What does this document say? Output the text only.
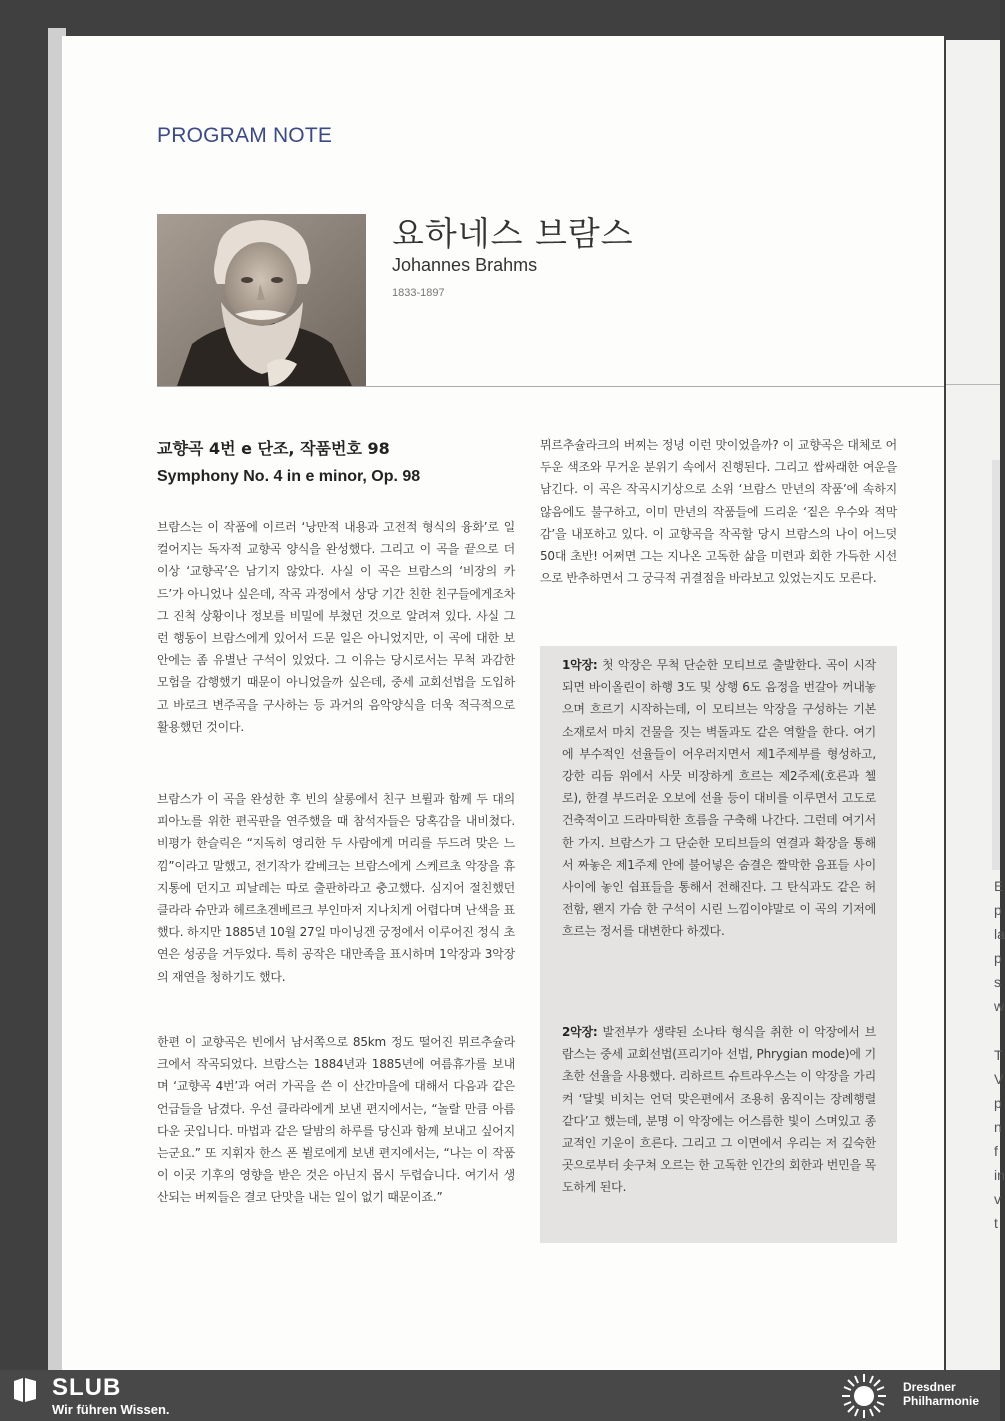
E
p
la
p
s
w
T
V
p
n
f
in
v
t
PROGRAM NOTE
요하네스 브람스
Johannes Brahms
1833-1897
교향곡 4번 e 단조, 작품번호 98
Symphony No. 4 in e minor, Op. 98

브람스는 이 작품에 이르러 ‘낭만적 내용과 고전적 형식의 융화’로 일컬어지는 독자적 교향곡 양식을 완성했다. 그리고 이 곡을 끝으로 더 이상 ‘교향곡’은 남기지 않았다. 사실 이 곡은 브람스의 ‘비장의 카드’가 아니었나 싶은데, 작곡 과정에서 상당 기간 친한 친구들에게조차 그 진척 상황이나 정보를 비밀에 부쳤던 것으로 알려져 있다. 사실 그런 행동이 브람스에게 있어서 드문 일은 아니었지만, 이 곡에 대한 보안에는 좀 유별난 구석이 있었다. 그 이유는 당시로서는 무척 과감한 모험을 감행했기 때문이 아니었을까 싶은데, 중세 교회선법을 도입하고 바로크 변주곡을 구사하는 등 과거의 음악양식을 더욱 적극적으로 활용했던 것이다.

브람스가 이 곡을 완성한 후 빈의 살롱에서 친구 브륄과 함께 두 대의 피아노를 위한 편곡판을 연주했을 때 참석자들은 당혹감을 내비쳤다. 비평가 한슬릭은 “지독히 영리한 두 사람에게 머리를 두드려 맞은 느낌”이라고 말했고, 전기작가 칼베크는 브람스에게 스케르초 악장을 휴지통에 던지고 피날레는 따로 출판하라고 충고했다. 심지어 절친했던 클라라 슈만과 헤르초겐베르크 부인마저 지나치게 어렵다며 난색을 표했다. 하지만 1885년 10월 27일 마이닝겐 궁정에서 이루어진 정식 초연은 성공을 거두었다. 특히 공작은 대만족을 표시하며 1악장과 3악장의 재연을 청하기도 했다.

한편 이 교향곡은 빈에서 남서쪽으로 85km 정도 떨어진 뮈르추슐라크에서 작곡되었다. 브람스는 1884년과 1885년에 여름휴가를 보내며 ‘교향곡 4번’과 여러 가곡을 쓴 이 산간마을에 대해서 다음과 같은 언급들을 남겼다. 우선 클라라에게 보낸 편지에서는, “놀랄 만큼 아름다운 곳입니다. 마법과 같은 달밤의 하루를 당신과 함께 보내고 싶어지는군요.” 또 지휘자 한스 폰 뷜로에게 보낸 편지에서는, “나는 이 작품이 이곳 기후의 영향을 받은 것은 아닌지 몹시 두렵습니다. 여기서 생산되는 버찌들은 결코 단맛을 내는 일이 없기 때문이죠.”

뮈르추슐라크의 버찌는 정녕 이런 맛이었을까? 이 교향곡은 대체로 어두운 색조와 무거운 분위기 속에서 진행된다. 그리고 쌉싸래한 여운을 남긴다. 이 곡은 작곡시기상으로 소위 ‘브람스 만년의 작품’에 속하지 않음에도 불구하고, 이미 만년의 작품들에 드리운 ‘짙은 우수와 적막감’을 내포하고 있다. 이 교향곡을 작곡할 당시 브람스의 나이 어느덧 50대 초반! 어쩌면 그는 지나온 고독한 삶을 미련과 회한 가득한 시선으로 반추하면서 그 궁극적 귀결점을 바라보고 있었는지도 모른다.

1악장: 첫 악장은 무척 단순한 모티브로 출발한다. 곡이 시작되면 바이올린이 하행 3도 및 상행 6도 음정을 번갈아 꺼내놓으며 흐르기 시작하는데, 이 모티브는 악장을 구성하는 기본 소재로서 마치 건물을 짓는 벽돌과도 같은 역할을 한다. 여기에 부수적인 선율들이 어우러지면서 제1주제부를 형성하고, 강한 리듬 위에서 사뭇 비장하게 흐르는 제2주제(호른과 첼로), 한결 부드러운 오보에 선율 등이 대비를 이루면서 고도로 건축적이고 드라마틱한 흐름을 구축해 나간다. 그런데 여기서 한 가지. 브람스가 그 단순한 모티브들의 연결과 확장을 통해서 짜놓은 제1주제 안에 불어넣은 숨결은 짤막한 음표들 사이사이에 놓인 쉼표들을 통해서 전해진다. 그 탄식과도 같은 허전함, 왠지 가슴 한 구석이 시린 느낌이야말로 이 곡의 기저에 흐르는 정서를 대변한다 하겠다.

2악장: 발전부가 생략된 소나타 형식을 취한 이 악장에서 브람스는 중세 교회선법(프리기아 선법, Phrygian mode)에 기초한 선율을 사용했다. 리하르트 슈트라우스는 이 악장을 가리켜 ‘달빛 비치는 언덕 맞은편에서 조용히 움직이는 장례행렬 같다’고 했는데, 분명 이 악장에는 어스름한 빛이 스며있고 종교적인 기운이 흐른다. 그리고 그 이면에서 우리는 저 깊숙한 곳으로부터 솟구쳐 오르는 한 고독한 인간의 회한과 번민을 목도하게 된다.

SLUB
Wir führen Wissen.
Dresdner
Philharmonie
